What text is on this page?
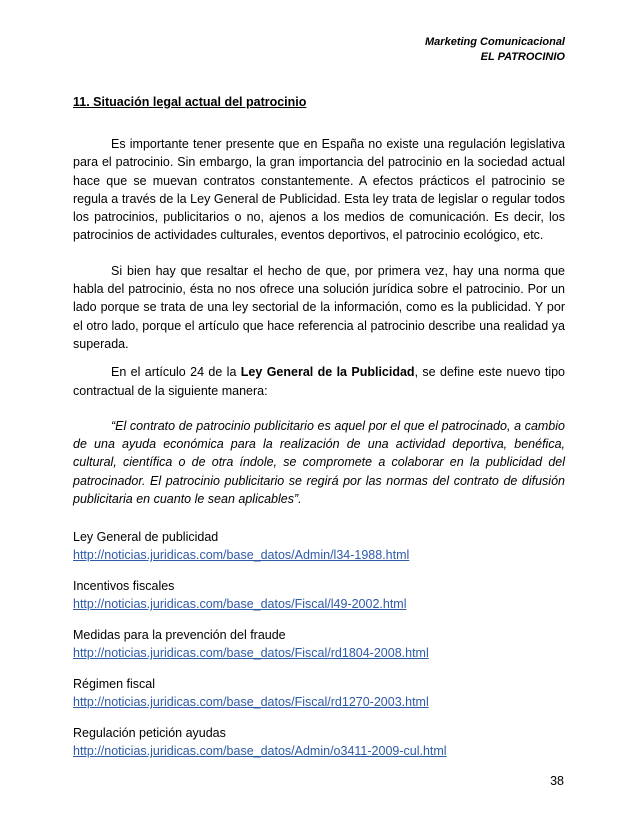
Marketing Comunicacional
EL PATROCINIO
11. Situación legal actual del patrocinio

Es importante tener presente que en España no existe una regulación legislativa para el patrocinio. Sin embargo, la gran importancia del patrocinio en la sociedad actual hace que se muevan contratos constantemente. A efectos prácticos el patrocinio se regula a través de la Ley General de Publicidad. Esta ley trata de legislar o regular todos los patrocinios, publicitarios o no, ajenos a los medios de comunicación. Es decir, los patrocinios de actividades culturales, eventos deportivos, el patrocinio ecológico, etc.

Si bien hay que resaltar el hecho de que, por primera vez, hay una norma que habla del patrocinio, ésta no nos ofrece una solución jurídica sobre el patrocinio. Por un lado porque se trata de una ley sectorial de la información, como es la publicidad. Y por el otro lado, porque el artículo que hace referencia al patrocinio describe una realidad ya superada.

En el artículo 24 de la Ley General de la Publicidad, se define este nuevo tipo contractual de la siguiente manera:

“El contrato de patrocinio publicitario es aquel por el que el patrocinado, a cambio de una ayuda económica para la realización de una actividad deportiva, benéfica, cultural, científica o de otra índole, se compromete a colaborar en la publicidad del patrocinador. El patrocinio publicitario se regirá por las normas del contrato de difusión publicitaria en cuanto le sean aplicables”.

Ley General de publicidad
http://noticias.juridicas.com/base_datos/Admin/l34-1988.html
Incentivos fiscales
http://noticias.juridicas.com/base_datos/Fiscal/l49-2002.html
Medidas para la prevención del fraude
http://noticias.juridicas.com/base_datos/Fiscal/rd1804-2008.html
Régimen fiscal
http://noticias.juridicas.com/base_datos/Fiscal/rd1270-2003.html
Regulación petición ayudas
http://noticias.juridicas.com/base_datos/Admin/o3411-2009-cul.html
38
